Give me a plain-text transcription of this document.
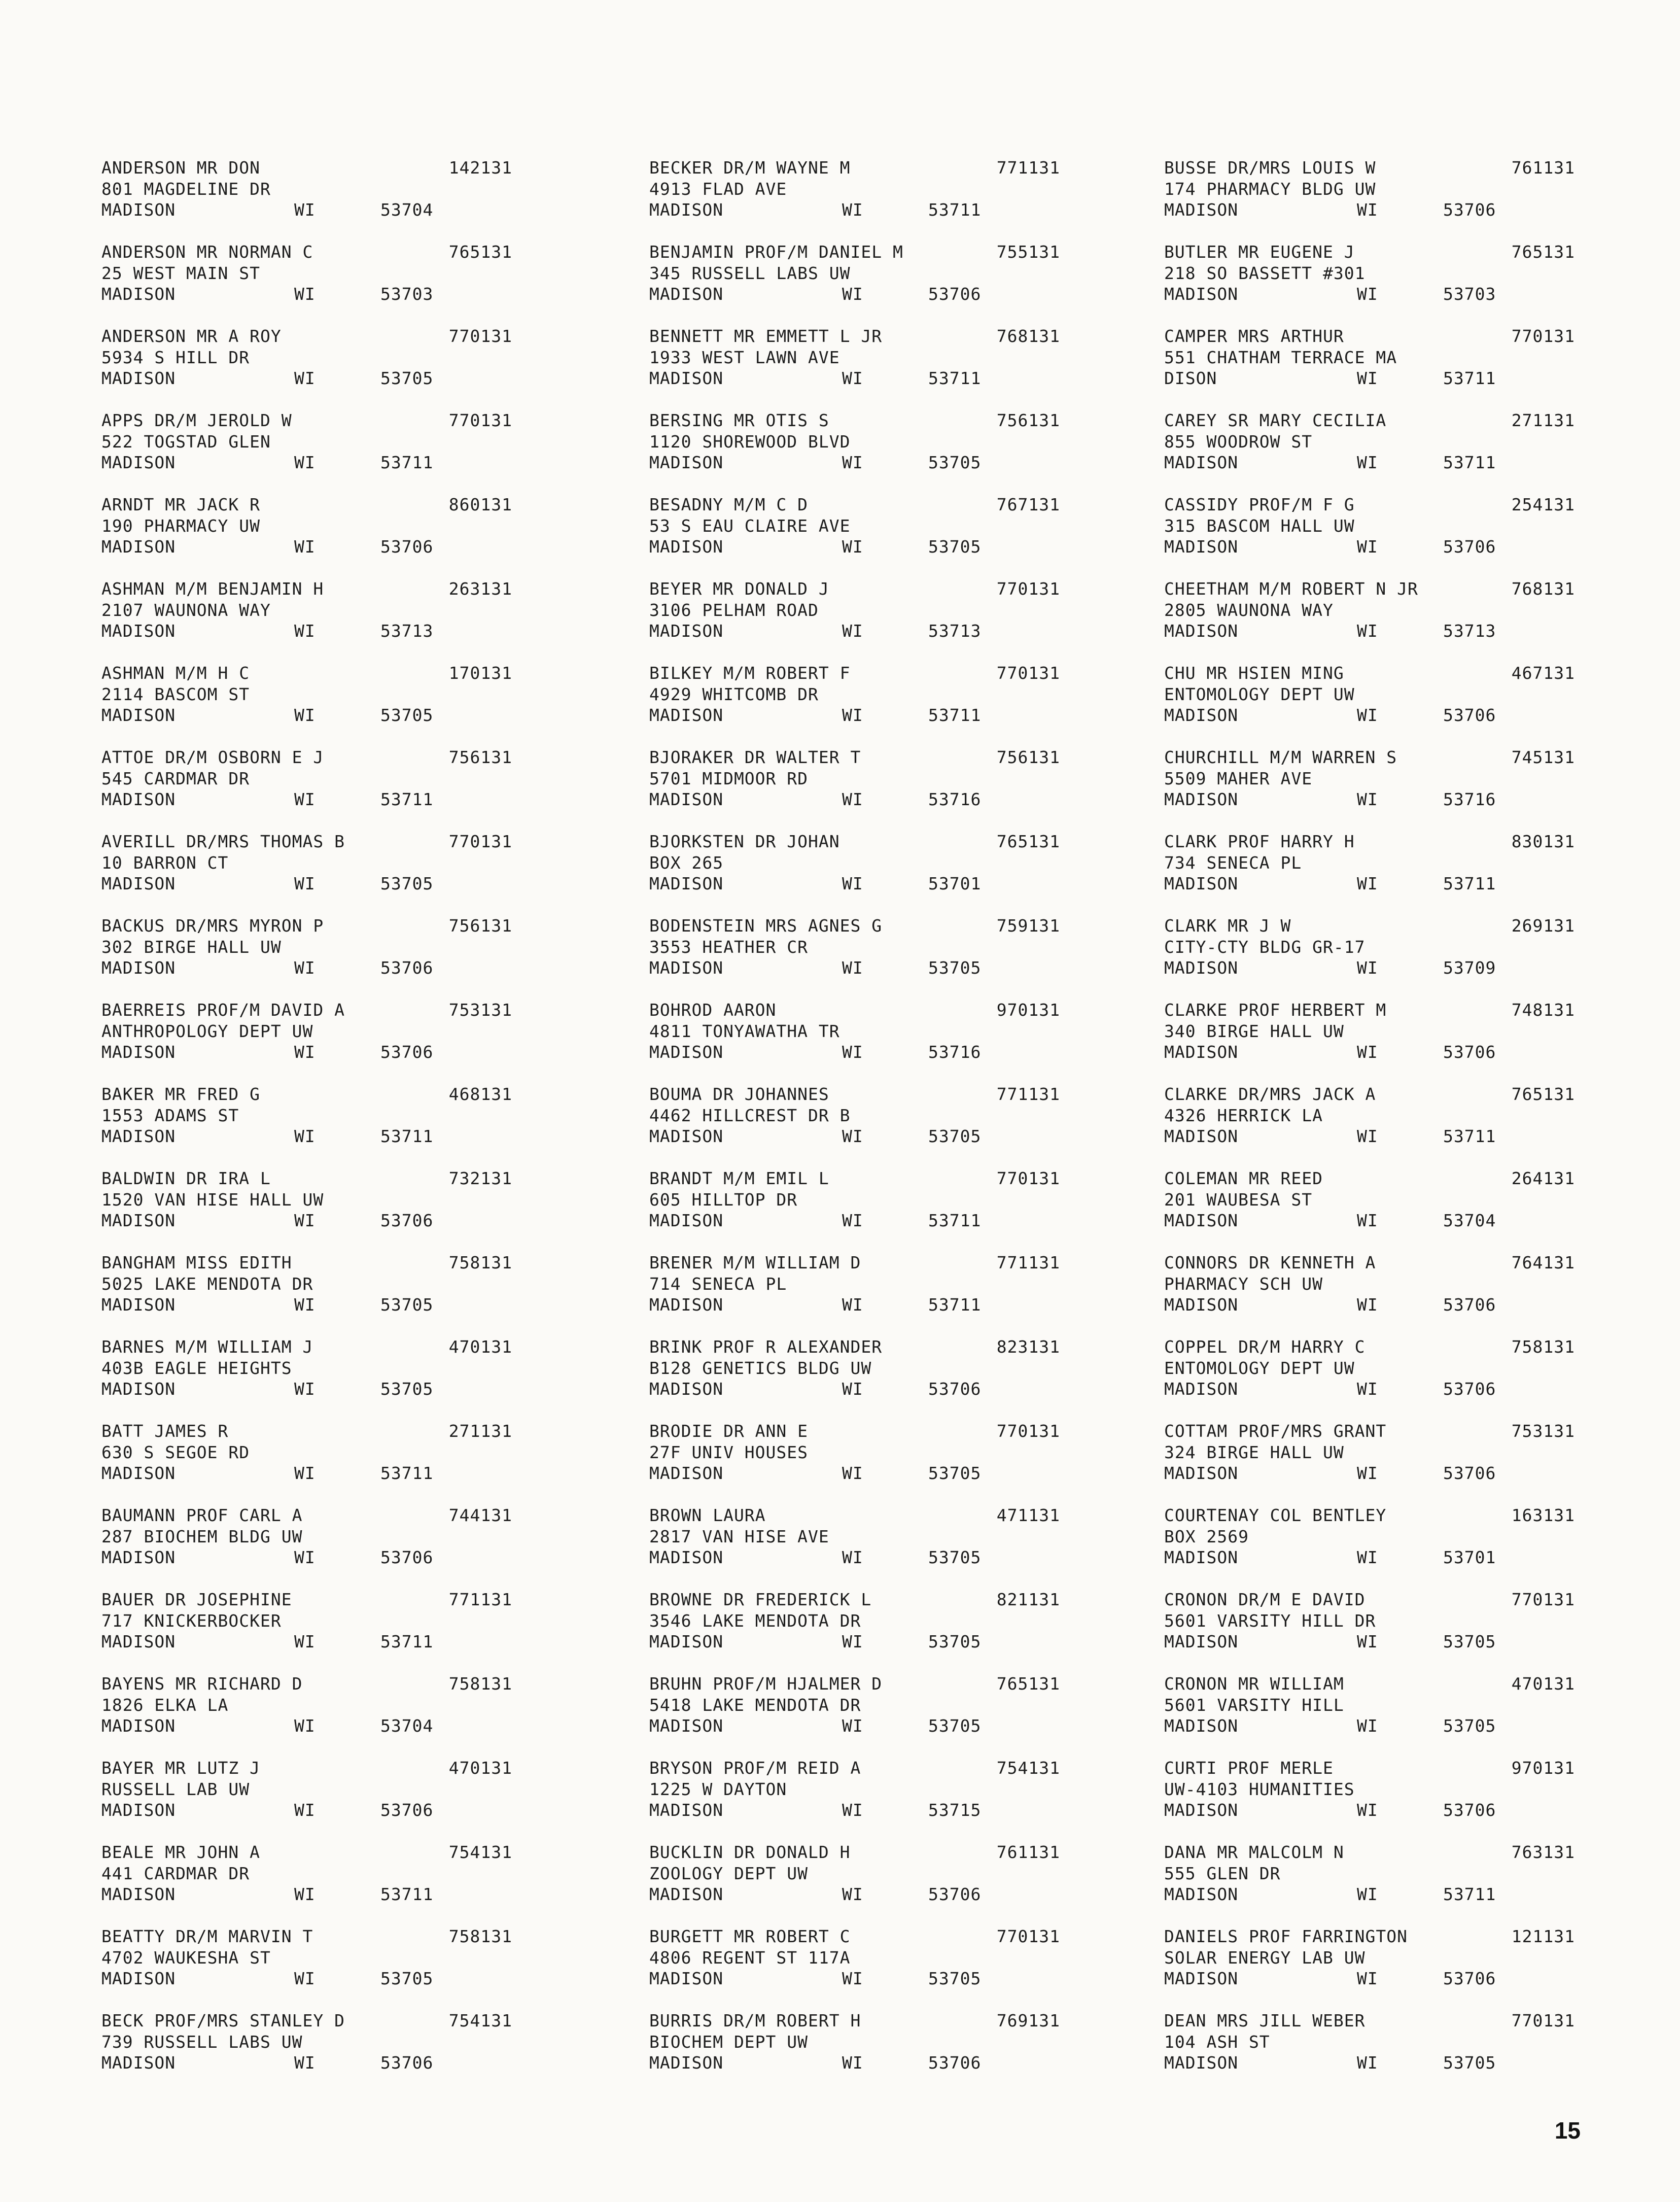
ANDERSON MR DON	142131
801 MAGDELINE DR
MADISON	WI	53704
ANDERSON MR NORMAN C	765131
25 WEST MAIN ST
MADISON	WI	53703
ANDERSON MR A ROY	770131
5934 S HILL DR
MADISON	WI	53705
APPS DR/M JEROLD W	770131
522 TOGSTAD GLEN
MADISON	WI	53711
ARNDT MR JACK R	860131
190 PHARMACY UW
MADISON	WI	53706
ASHMAN M/M BENJAMIN H	263131
2107 WAUNONA WAY
MADISON	WI	53713
ASHMAN M/M H C	170131
2114 BASCOM ST
MADISON	WI	53705
ATTOE DR/M OSBORN E J	756131
545 CARDMAR DR
MADISON	WI	53711
AVERILL DR/MRS THOMAS B	770131
10 BARRON CT
MADISON	WI	53705
BACKUS DR/MRS MYRON P	756131
302 BIRGE HALL UW
MADISON	WI	53706
BAERREIS PROF/M DAVID A	753131
ANTHROPOLOGY DEPT UW
MADISON	WI	53706
BAKER MR FRED G	468131
1553 ADAMS ST
MADISON	WI	53711
BALDWIN DR IRA L	732131
1520 VAN HISE HALL UW
MADISON	WI	53706
BANGHAM MISS EDITH	758131
5025 LAKE MENDOTA DR
MADISON	WI	53705
BARNES M/M WILLIAM J	470131
403B EAGLE HEIGHTS
MADISON	WI	53705
BATT JAMES R	271131
630 S SEGOE RD
MADISON	WI	53711
BAUMANN PROF CARL A	744131
287 BIOCHEM BLDG UW
MADISON	WI	53706
BAUER DR JOSEPHINE	771131
717 KNICKERBOCKER
MADISON	WI	53711
BAYENS MR RICHARD D	758131
1826 ELKA LA
MADISON	WI	53704
BAYER MR LUTZ J	470131
RUSSELL LAB UW
MADISON	WI	53706
BEALE MR JOHN A	754131
441 CARDMAR DR
MADISON	WI	53711
BEATTY DR/M MARVIN T	758131
4702 WAUKESHA ST
MADISON	WI	53705
BECK PROF/MRS STANLEY D	754131
739 RUSSELL LABS UW
MADISON	WI	53706
BECKER DR/M WAYNE M	771131
4913 FLAD AVE
MADISON	WI	53711
BENJAMIN PROF/M DANIEL M	755131
345 RUSSELL LABS UW
MADISON	WI	53706
BENNETT MR EMMETT L JR	768131
1933 WEST LAWN AVE
MADISON	WI	53711
BERSING MR OTIS S	756131
1120 SHOREWOOD BLVD
MADISON	WI	53705
BESADNY M/M C D	767131
53 S EAU CLAIRE AVE
MADISON	WI	53705
BEYER MR DONALD J	770131
3106 PELHAM ROAD
MADISON	WI	53713
BILKEY M/M ROBERT F	770131
4929 WHITCOMB DR
MADISON	WI	53711
BJORAKER DR WALTER T	756131
5701 MIDMOOR RD
MADISON	WI	53716
BJORKSTEN DR JOHAN	765131
BOX 265
MADISON	WI	53701
BODENSTEIN MRS AGNES G	759131
3553 HEATHER CR
MADISON	WI	53705
BOHROD AARON	970131
4811 TONYAWATHA TR
MADISON	WI	53716
BOUMA DR JOHANNES	771131
4462 HILLCREST DR B
MADISON	WI	53705
BRANDT M/M EMIL L	770131
605 HILLTOP DR
MADISON	WI	53711
BRENER M/M WILLIAM D	771131
714 SENECA PL
MADISON	WI	53711
BRINK PROF R ALEXANDER	823131
B128 GENETICS BLDG UW
MADISON	WI	53706
BRODIE DR ANN E	770131
27F UNIV HOUSES
MADISON	WI	53705
BROWN LAURA	471131
2817 VAN HISE AVE
MADISON	WI	53705
BROWNE DR FREDERICK L	821131
3546 LAKE MENDOTA DR
MADISON	WI	53705
BRUHN PROF/M HJALMER D	765131
5418 LAKE MENDOTA DR
MADISON	WI	53705
BRYSON PROF/M REID A	754131
1225 W DAYTON
MADISON	WI	53715
BUCKLIN DR DONALD H	761131
ZOOLOGY DEPT UW
MADISON	WI	53706
BURGETT MR ROBERT C	770131
4806 REGENT ST 117A
MADISON	WI	53705
BURRIS DR/M ROBERT H	769131
BIOCHEM DEPT UW
MADISON	WI	53706
BUSSE DR/MRS LOUIS W	761131
174 PHARMACY BLDG UW
MADISON	WI	53706
BUTLER MR EUGENE J	765131
218 SO BASSETT #301
MADISON	WI	53703
CAMPER MRS ARTHUR	770131
551 CHATHAM TERRACE MA
DISON	WI	53711
CAREY SR MARY CECILIA	271131
855 WOODROW ST
MADISON	WI	53711
CASSIDY PROF/M F G	254131
315 BASCOM HALL UW
MADISON	WI	53706
CHEETHAM M/M ROBERT N JR	768131
2805 WAUNONA WAY
MADISON	WI	53713
CHU MR HSIEN MING	467131
ENTOMOLOGY DEPT UW
MADISON	WI	53706
CHURCHILL M/M WARREN S	745131
5509 MAHER AVE
MADISON	WI	53716
CLARK PROF HARRY H	830131
734 SENECA PL
MADISON	WI	53711
CLARK MR J W	269131
CITY-CTY BLDG GR-17
MADISON	WI	53709
CLARKE PROF HERBERT M	748131
340 BIRGE HALL UW
MADISON	WI	53706
CLARKE DR/MRS JACK A	765131
4326 HERRICK LA
MADISON	WI	53711
COLEMAN MR REED	264131
201 WAUBESA ST
MADISON	WI	53704
CONNORS DR KENNETH A	764131
PHARMACY SCH UW
MADISON	WI	53706
COPPEL DR/M HARRY C	758131
ENTOMOLOGY DEPT UW
MADISON	WI	53706
COTTAM PROF/MRS GRANT	753131
324 BIRGE HALL UW
MADISON	WI	53706
COURTENAY COL BENTLEY	163131
BOX 2569
MADISON	WI	53701
CRONON DR/M E DAVID	770131
5601 VARSITY HILL DR
MADISON	WI	53705
CRONON MR WILLIAM	470131
5601 VARSITY HILL
MADISON	WI	53705
CURTI PROF MERLE	970131
UW-4103 HUMANITIES
MADISON	WI	53706
DANA MR MALCOLM N	763131
555 GLEN DR
MADISON	WI	53711
DANIELS PROF FARRINGTON	121131
SOLAR ENERGY LAB UW
MADISON	WI	53706
DEAN MRS JILL WEBER	770131
104 ASH ST
MADISON	WI	53705
15
